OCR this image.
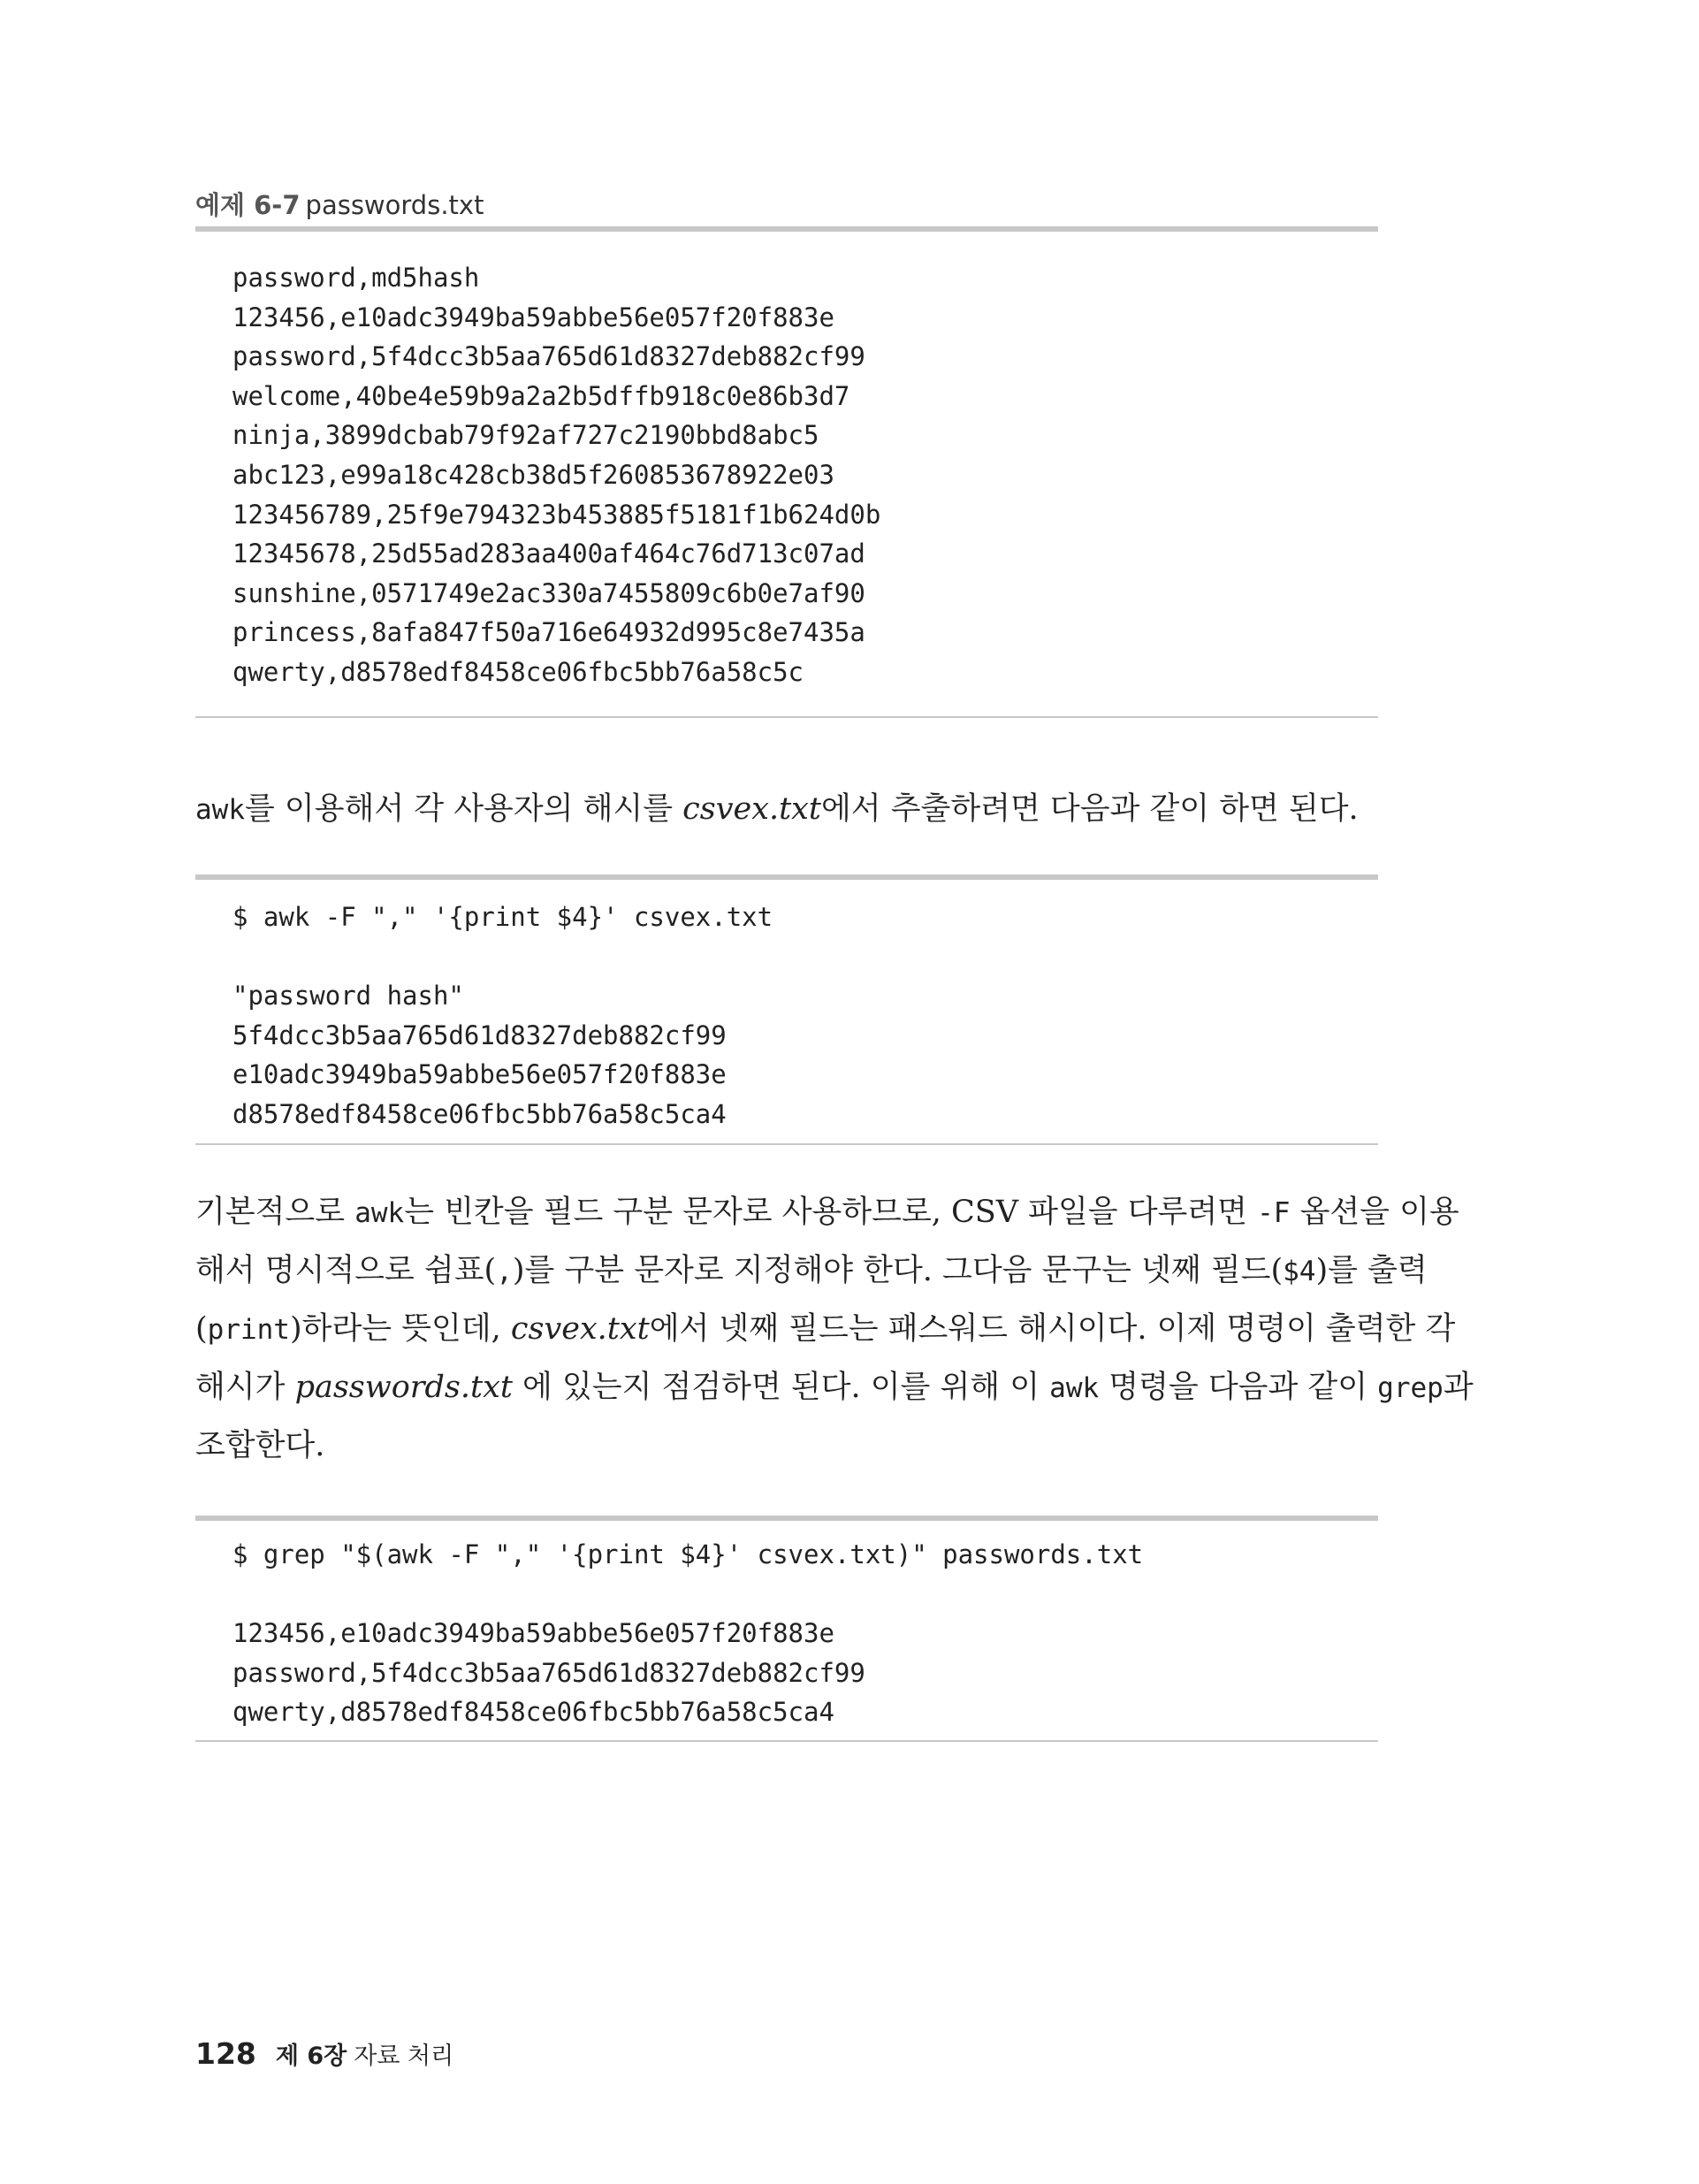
예제 6-7 passwords.txt
password,md5hash
123456,e10adc3949ba59abbe56e057f20f883e
password,5f4dcc3b5aa765d61d8327deb882cf99
welcome,40be4e59b9a2a2b5dffb918c0e86b3d7
ninja,3899dcbab79f92af727c2190bbd8abc5
abc123,e99a18c428cb38d5f260853678922e03
123456789,25f9e794323b453885f5181f1b624d0b
12345678,25d55ad283aa400af464c76d713c07ad
sunshine,0571749e2ac330a7455809c6b0e7af90
princess,8afa847f50a716e64932d995c8e7435a
qwerty,d8578edf8458ce06fbc5bb76a58c5c
awk를 이용해서 각 사용자의 해시를 csvex.txt에서 추출하려면 다음과 같이 하면 된다.
$ awk -F "," '{print $4}' csvex.txt
"password hash"
5f4dcc3b5aa765d61d8327deb882cf99
e10adc3949ba59abbe56e057f20f883e
d8578edf8458ce06fbc5bb76a58c5ca4
기본적으로 awk는 빈칸을 필드 구분 문자로 사용하므로, CSV 파일을 다루려면 -F 옵션을 이용
해서 명시적으로 쉼표(,)를 구분 문자로 지정해야 한다. 그다음 문구는 넷째 필드($4)를 출력
(print)하라는 뜻인데, csvex.txt에서 넷째 필드는 패스워드 해시이다. 이제 명령이 출력한 각
해시가 passwords.txt 에 있는지 점검하면 된다. 이를 위해 이 awk 명령을 다음과 같이 grep과
조합한다.
$ grep "$(awk -F "," '{print $4}' csvex.txt)" passwords.txt
123456,e10adc3949ba59abbe56e057f20f883e
password,5f4dcc3b5aa765d61d8327deb882cf99
qwerty,d8578edf8458ce06fbc5bb76a58c5ca4
128 제 6장 자료 처리
